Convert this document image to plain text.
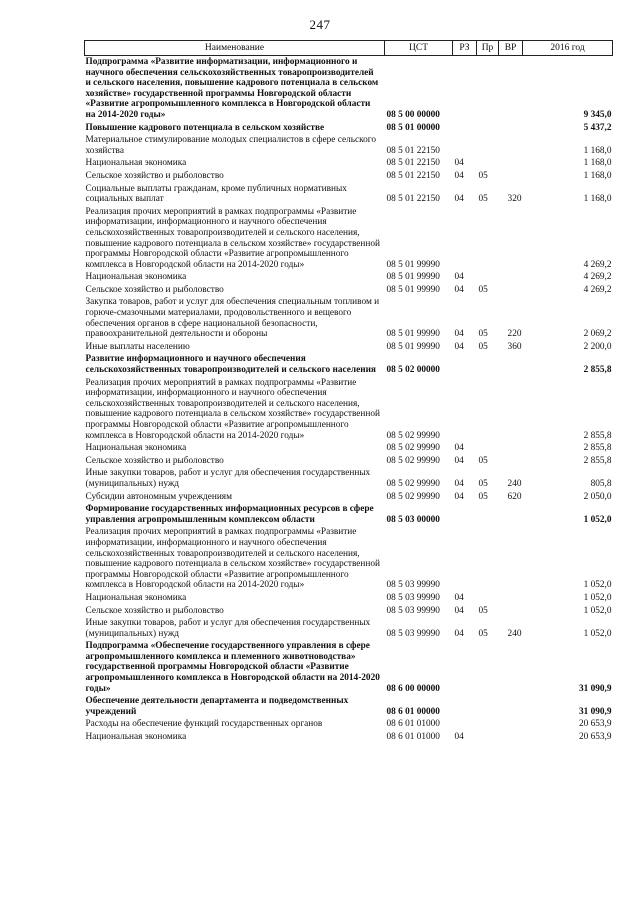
247
Наименование	ЦСТ	РЗ	Пр	ВР	2016 год
Подпрограмма «Развитие информатизации, информационного и научного обеспечения сельскохозяйственных товаропроизводителей и сельского населения, повышение кадрового потенциала в сельском хозяйстве» государственной программы Новгородской области «Развитие агропромышленного комплекса в Новгородской области на 2014-2020 годы»	08 5 00 00000				9 345,0
Повышение кадрового потенциала в сельском хозяйстве	08 5 01 00000				5 437,2
Материальное стимулирование молодых специалистов в сфере сельского хозяйства	08 5 01 22150				1 168,0
Национальная экономика	08 5 01 22150	04			1 168,0
Сельское хозяйство и рыболовство	08 5 01 22150	04	05		1 168,0
Социальные выплаты гражданам, кроме публичных нормативных социальных выплат	08 5 01 22150	04	05	320	1 168,0
Реализация прочих мероприятий в рамках подпрограммы «Развитие информатизации, информационного и научного обеспечения сельскохозяйственных товаропроизводителей и сельского населения, повышение кадрового потенциала в сельском хозяйстве» государственной программы Новгородской области «Развитие агропромышленного комплекса в Новгородской области на 2014-2020 годы»	08 5 01 99990				4 269,2
Национальная экономика	08 5 01 99990	04			4 269,2
Сельское хозяйство и рыболовство	08 5 01 99990	04	05		4 269,2
Закупка товаров, работ и услуг для обеспечения специальным топливом и горюче-смазочными материалами, продовольственного и вещевого обеспечения органов в сфере национальной безопасности, правоохранительной деятельности и обороны	08 5 01 99990	04	05	220	2 069,2
Иные выплаты населению	08 5 01 99990	04	05	360	2 200,0
Развитие информационного и научного обеспечения сельскохозяйственных товаропроизводителей и сельского населения	08 5 02 00000				2 855,8
Реализация прочих мероприятий в рамках подпрограммы «Развитие информатизации, информационного и научного обеспечения сельскохозяйственных товаропроизводителей и сельского населения, повышение кадрового потенциала в сельском хозяйстве» государственной программы Новгородской области «Развитие агропромышленного комплекса в Новгородской области на 2014-2020 годы»	08 5 02 99990				2 855,8
Национальная экономика	08 5 02 99990	04			2 855,8
Сельское хозяйство и рыболовство	08 5 02 99990	04	05		2 855,8
Иные закупки товаров, работ и услуг для обеспечения государственных (муниципальных) нужд	08 5 02 99990	04	05	240	805,8
Субсидии автономным учреждениям	08 5 02 99990	04	05	620	2 050,0
Формирование государственных информационных ресурсов в сфере управления агропромышленным комплексом области	08 5 03 00000				1 052,0
Реализация прочих мероприятий в рамках подпрограммы «Развитие информатизации, информационного и научного обеспечения сельскохозяйственных товаропроизводителей и сельского населения, повышение кадрового потенциала в сельском хозяйстве» государственной программы Новгородской области «Развитие агропромышленного комплекса в Новгородской области на 2014-2020 годы»	08 5 03 99990				1 052,0
Национальная экономика	08 5 03 99990	04			1 052,0
Сельское хозяйство и рыболовство	08 5 03 99990	04	05		1 052,0
Иные закупки товаров, работ и услуг для обеспечения государственных (муниципальных) нужд	08 5 03 99990	04	05	240	1 052,0
Подпрограмма «Обеспечение государственного управления в сфере агропромышленного комплекса и племенного животноводства» государственной программы Новгородской области «Развитие агропромышленного комплекса в Новгородской области на 2014-2020 годы»	08 6 00 00000				31 090,9
Обеспечение деятельности департамента и подведомственных учреждений	08 6 01 00000				31 090,9
Расходы на обеспечение функций государственных органов	08 6 01 01000				20 653,9
Национальная экономика	08 6 01 01000	04			20 653,9
